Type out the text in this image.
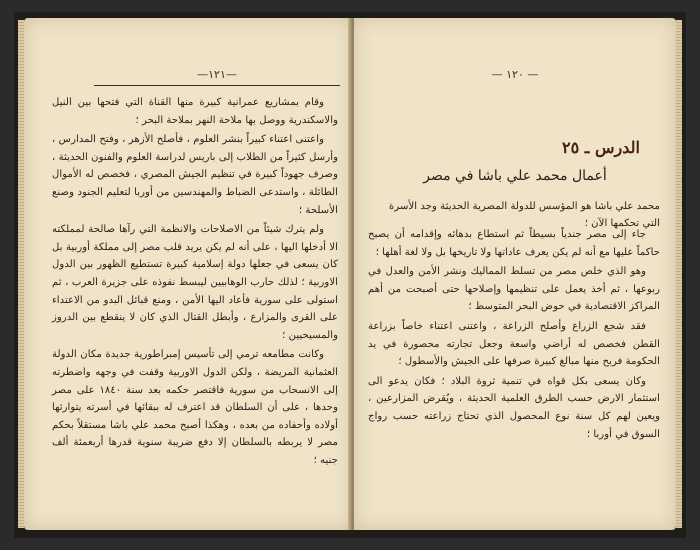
—١٢١—

وقام بمشاريع عمرانية كبيرة منها القناة التي فتحها بين النيل والاسكندرية ووصل بها ملاحة النهر بملاحة البحر ؛

واعتنى اعتناء كبيراً بنشر العلوم ، فأصلح الأزهر ، وفتح المدارس ، وأرسل كثيراً من الطلاب إلى باريس لدراسة العلوم والفنون الحديثة ، وصرف جهوداً كبيرة في تنظيم الجيش المصري ، فخصص له الأموال الطائلة ، واستدعى الضباط والمهندسين من أوربا لتعليم الجنود وصنع الأسلحة ؛

ولم يترك شيئاً من الاصلاحات والانظمة التي رآها صالحة لمملكته الا أدخلها اليها ، على أنه لم يكن يريد قلب مصر إلى مملكة أوربية بل كان يسعى في جعلها دولة إسلامية كبيرة تستطيع الظهور بين الدول الاوربية ؛ لذلك حارب الوهابيين ليبسط نفوذه على جزيرة العرب ، ثم استولى على سورية فأعاد اليها الأمن ، ومنع قبائل البدو من الاعتداء على القرى والمزارع ، وأبطل القتال الذي كان لا ينقطع بين الدروز والمسيحيين ؛

وكانت مطامعه ترمي إلى تأسيس إمبراطورية جديدة مكان الدولة العثمانية المريضة ، ولكن الدول الاوربية وقفت في وجهه واضطرته إلى الانسحاب من سورية فاقتصر حكمه بعد سنة ١٨٤٠ على مصر وحدها ، على أن السلطان قد اعترف له ببقائها في أسرته يتوارثها أولاده وأحفاده من بعده ، وهكذا أصبح محمد علي باشا مستقلاً بحكم مصر لا يربطه بالسلطان إلا دفع ضريبة سنوية قدرها أربعمئة ألف جنيه ؛

— ١٢٠ —
الدرس ـ ٢٥
أعمال محمد علي باشا في مصر
محمد علي باشا هو المؤسس للدولة المصرية الحديثة وجد الأسرة التي تحكمها الآن ؛

جاء إلى مصر جندياً بسيطاً ثم استطاع بدهائه وإقدامه أن يصبح حاكماً عليها مع أنه لم يكن يعرف عاداتها ولا تاريخها بل ولا لغة أهلها ؛

وهو الذي خلص مصر من تسلط المماليك ونشر الأمن والعدل في ربوعها ، ثم أخذ يعمل على تنظيمها وإصلاحها حتى أصبحت من أهم المراكز الاقتصادية في حوض البحر المتوسط ؛

فقد شجع الزراع وأصلح الزراعة ، واعتنى اعتناء خاصاً بزراعة القطن فخصص له أراضي واسعة وجعل تجارته محصورة في يد الحكومة فربح منها مبالغ كبيرة صرفها على الجيش والأسطول ؛

وكان يسعى بكل قواه في تنمية ثروة البلاد ؛ فكان يدعو الى استثمار الارض حسب الطرق العلمية الحديثة ، ويُقرض المزارعين ، ويعين لهم كل سنة نوع المحصول الذي تحتاج زراعته حسب رواج السوق في أوربا ؛
